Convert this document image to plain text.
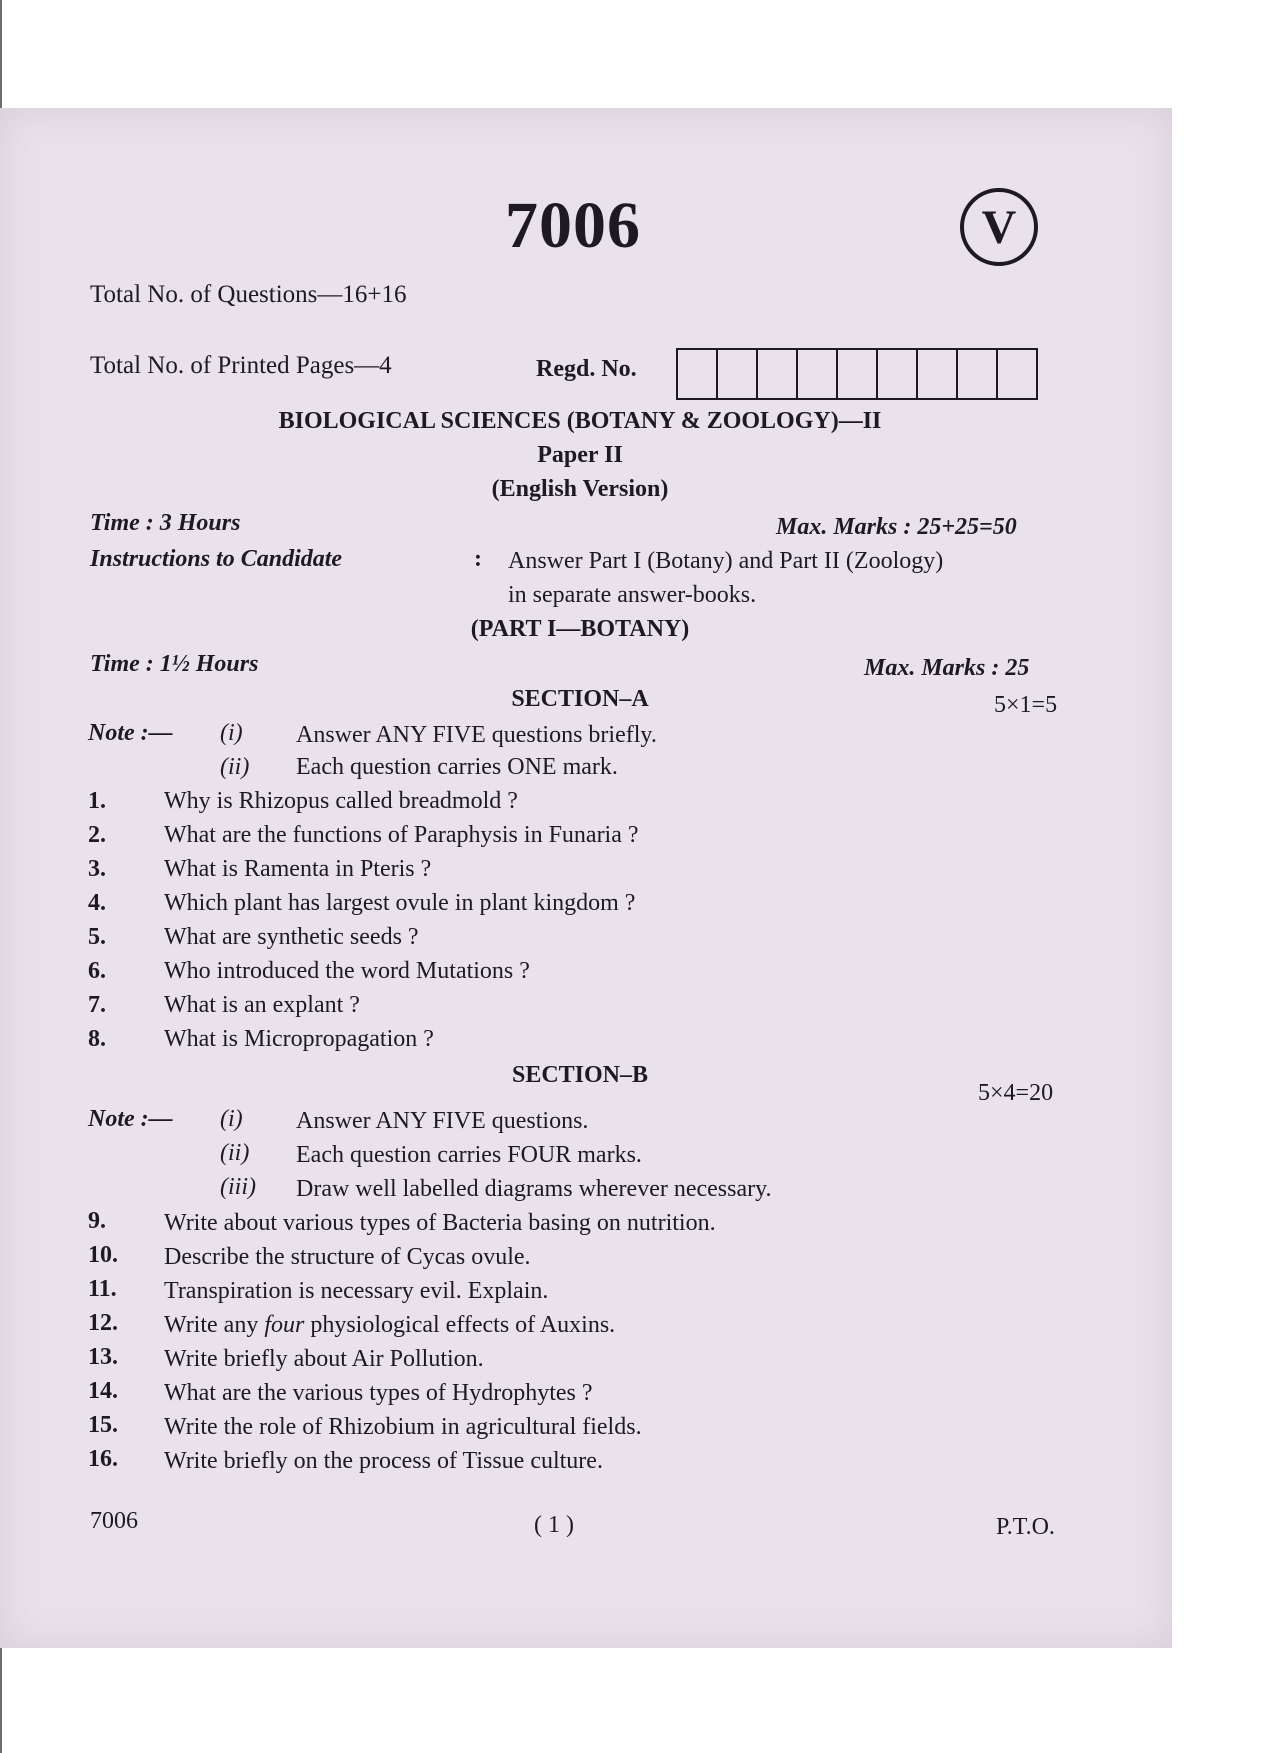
7006	V
Total No. of Questions—16+16
Total No. of Printed Pages—4	Regd. No.
BIOLOGICAL SCIENCES (BOTANY & ZOOLOGY)—II
Paper II
(English Version)
Time : 3 Hours	Max. Marks : 25+25=50
Instructions to Candidate	: Answer Part I (Botany) and Part II (Zoology)
in separate answer-books.
(PART I—BOTANY)
Time : 1½ Hours	Max. Marks : 25
SECTION–A	5×1=5
Note :— (i) Answer ANY FIVE questions briefly.
(ii) Each question carries ONE mark.
1. Why is Rhizopus called breadmold ?
2. What are the functions of Paraphysis in Funaria ?
3. What is Ramenta in Pteris ?
4. Which plant has largest ovule in plant kingdom ?
5. What are synthetic seeds ?
6. Who introduced the word Mutations ?
7. What is an explant ?
8. What is Micropropagation ?
SECTION–B
5×4=20
Note :— (i) Answer ANY FIVE questions.
(ii) Each question carries FOUR marks.
(iii) Draw well labelled diagrams wherever necessary.
9. Write about various types of Bacteria basing on nutrition.
10. Describe the structure of Cycas ovule.
11. Transpiration is necessary evil. Explain.
12. Write any four physiological effects of Auxins.
13. Write briefly about Air Pollution.
14. What are the various types of Hydrophytes ?
15. Write the role of Rhizobium in agricultural fields.
16. Write briefly on the process of Tissue culture.
7006	( 1 )	P.T.O.
